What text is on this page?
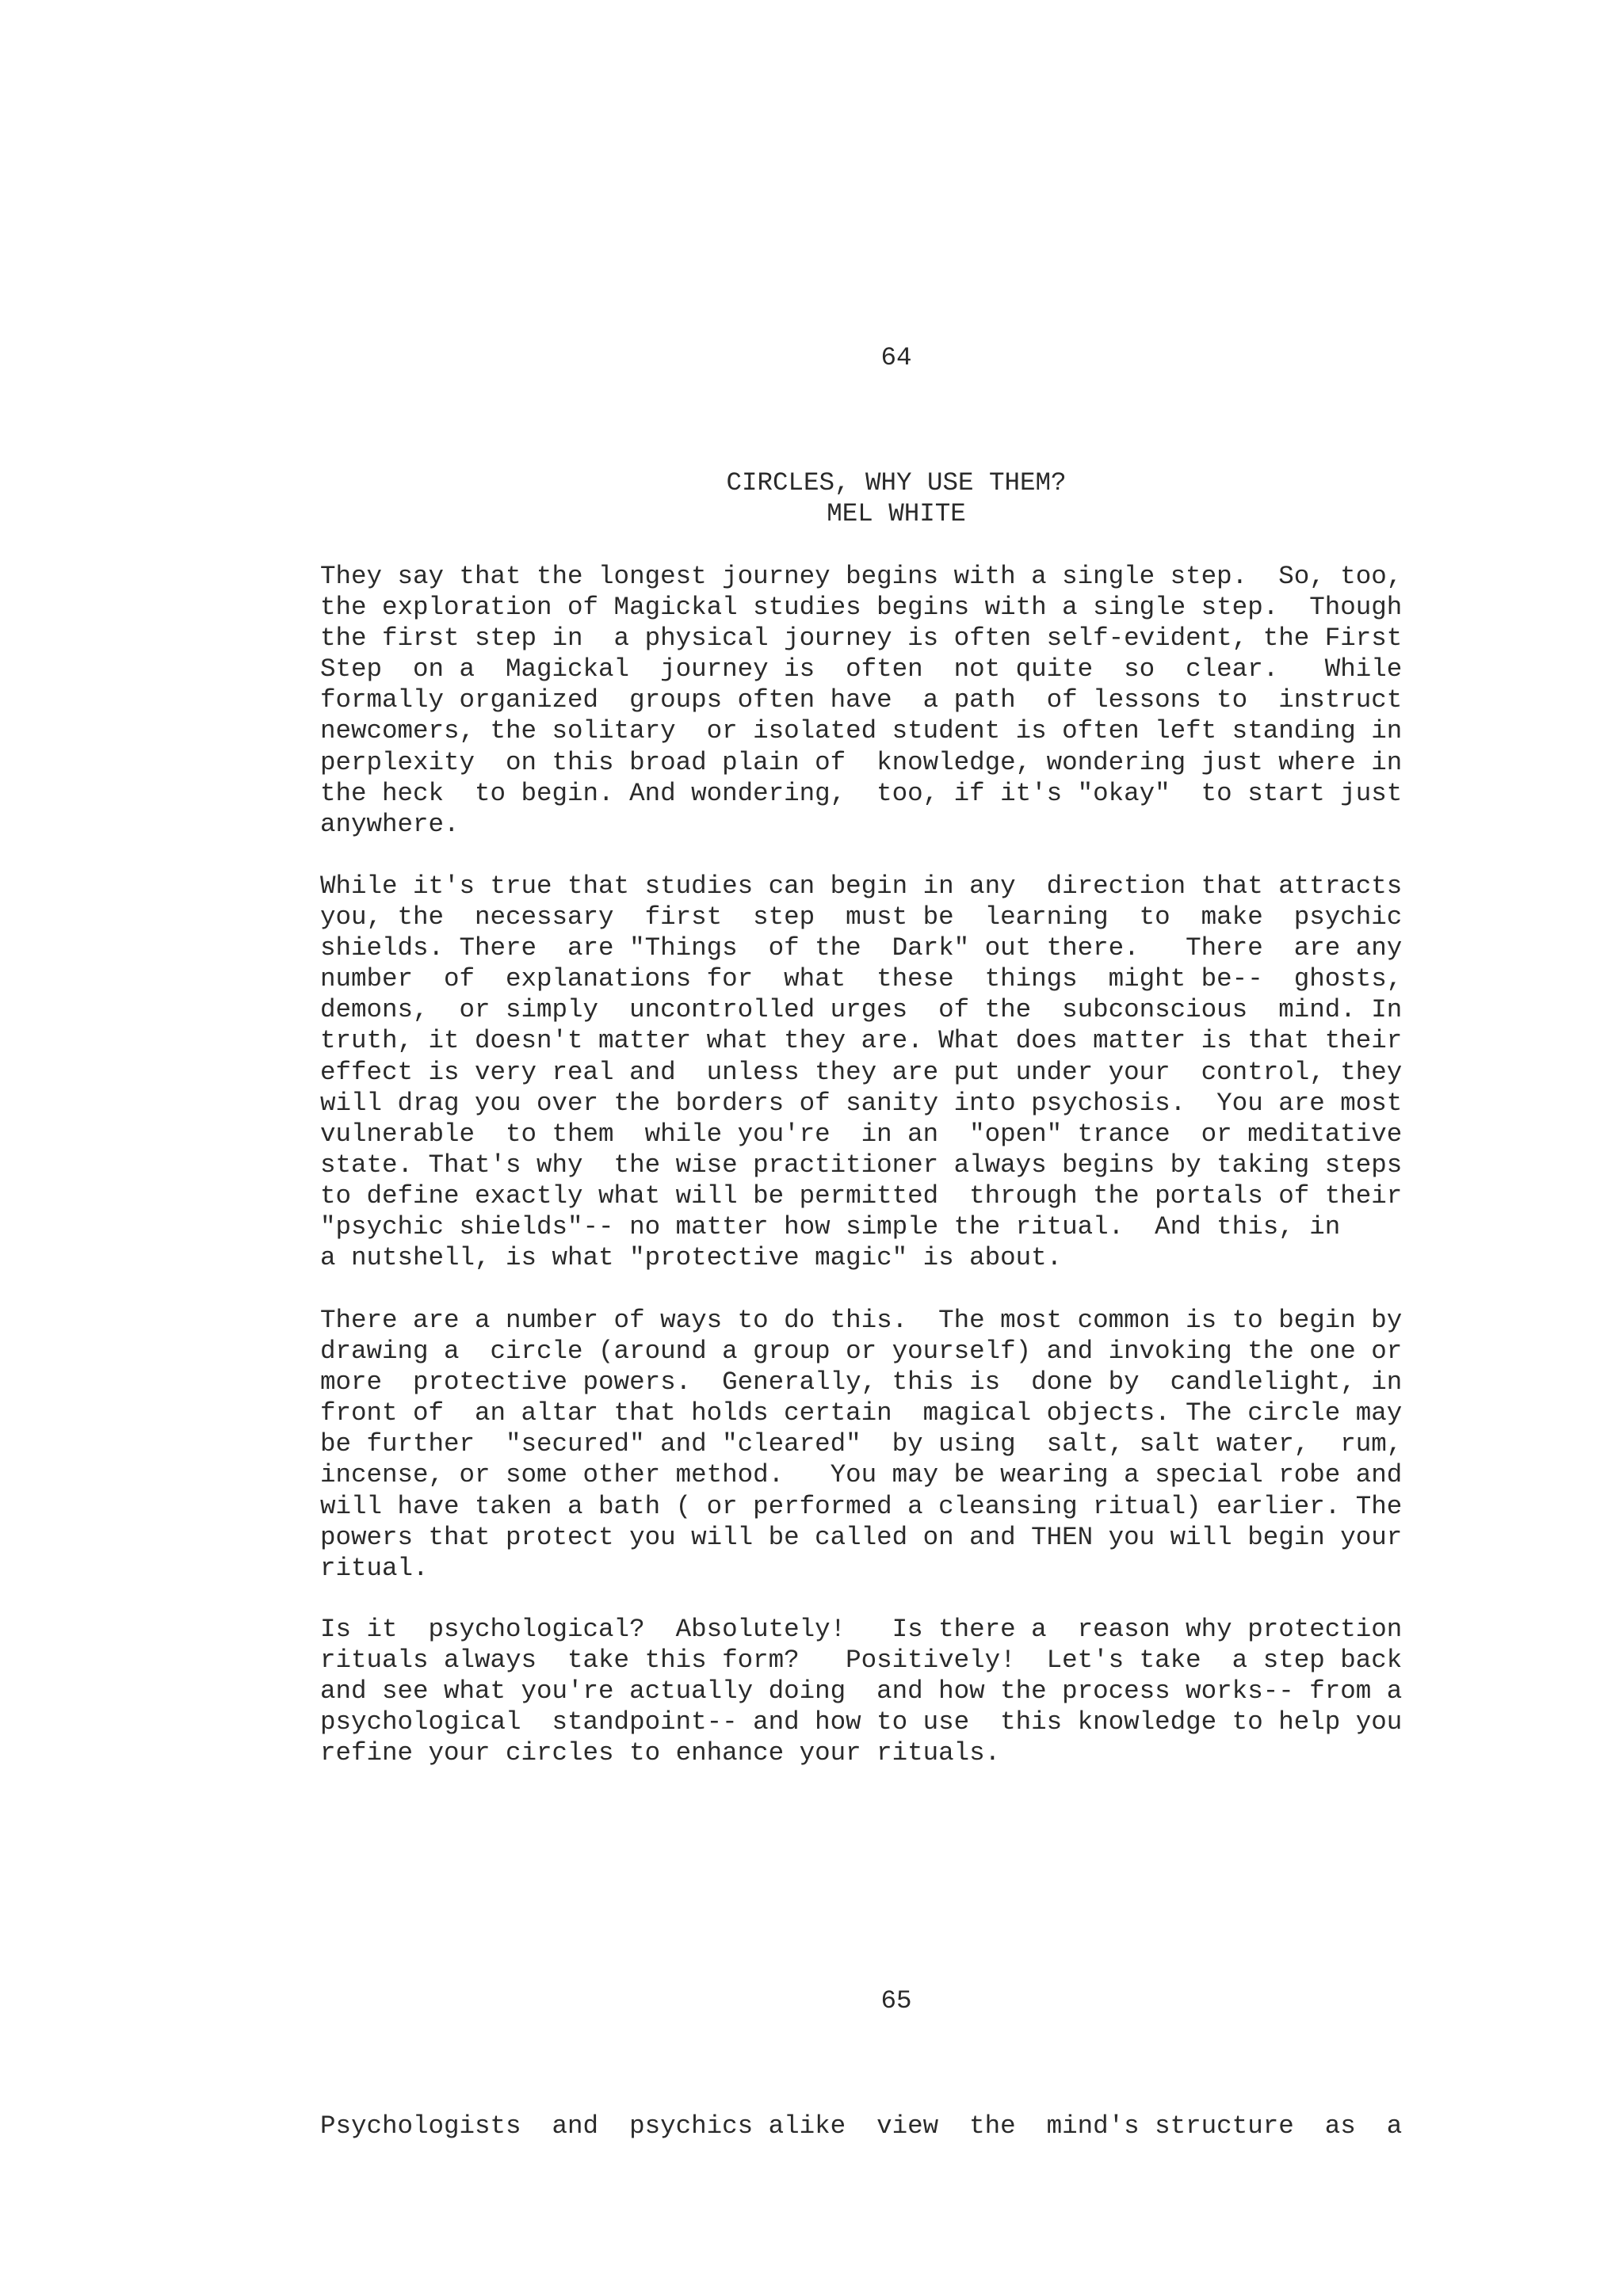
64
CIRCLES, WHY USE THEM?
MEL WHITE
They say that the longest journey begins with a single step.  So, too,
the exploration of Magickal studies begins with a single step.  Though
the first step in  a physical journey is often self-evident, the First
Step  on a  Magickal  journey is  often  not quite  so  clear.   While
formally organized  groups often have  a path  of lessons to  instruct
newcomers, the solitary  or isolated student is often left standing in
perplexity  on this broad plain of  knowledge, wondering just where in
the heck  to begin. And wondering,  too, if it's "okay"  to start just
anywhere.
While it's true that studies can begin in any  direction that attracts
you, the  necessary  first  step  must be  learning  to  make  psychic
shields. There  are "Things  of the  Dark" out there.   There  are any
number  of  explanations for  what  these  things  might be--  ghosts,
demons,  or simply  uncontrolled urges  of the  subconscious  mind. In
truth, it doesn't matter what they are. What does matter is that their
effect is very real and  unless they are put under your  control, they
will drag you over the borders of sanity into psychosis.  You are most
vulnerable  to them  while you're  in an  "open" trance  or meditative
state. That's why  the wise practitioner always begins by taking steps
to define exactly what will be permitted  through the portals of their
"psychic shields"-- no matter how simple the ritual.  And this, in
a nutshell, is what "protective magic" is about.
There are a number of ways to do this.  The most common is to begin by
drawing a  circle (around a group or yourself) and invoking the one or
more  protective powers.  Generally, this is  done by  candlelight, in
front of  an altar that holds certain  magical objects. The circle may
be further  "secured" and "cleared"  by using  salt, salt water,  rum,
incense, or some other method.   You may be wearing a special robe and
will have taken a bath ( or performed a cleansing ritual) earlier. The
powers that protect you will be called on and THEN you will begin your
ritual.
Is it  psychological?  Absolutely!   Is there a  reason why protection
rituals always  take this form?   Positively!  Let's take  a step back
and see what you're actually doing  and how the process works-- from a
psychological  standpoint-- and how to use  this knowledge to help you
refine your circles to enhance your rituals.
65
Psychologists  and  psychics alike  view  the  mind's structure  as  a
